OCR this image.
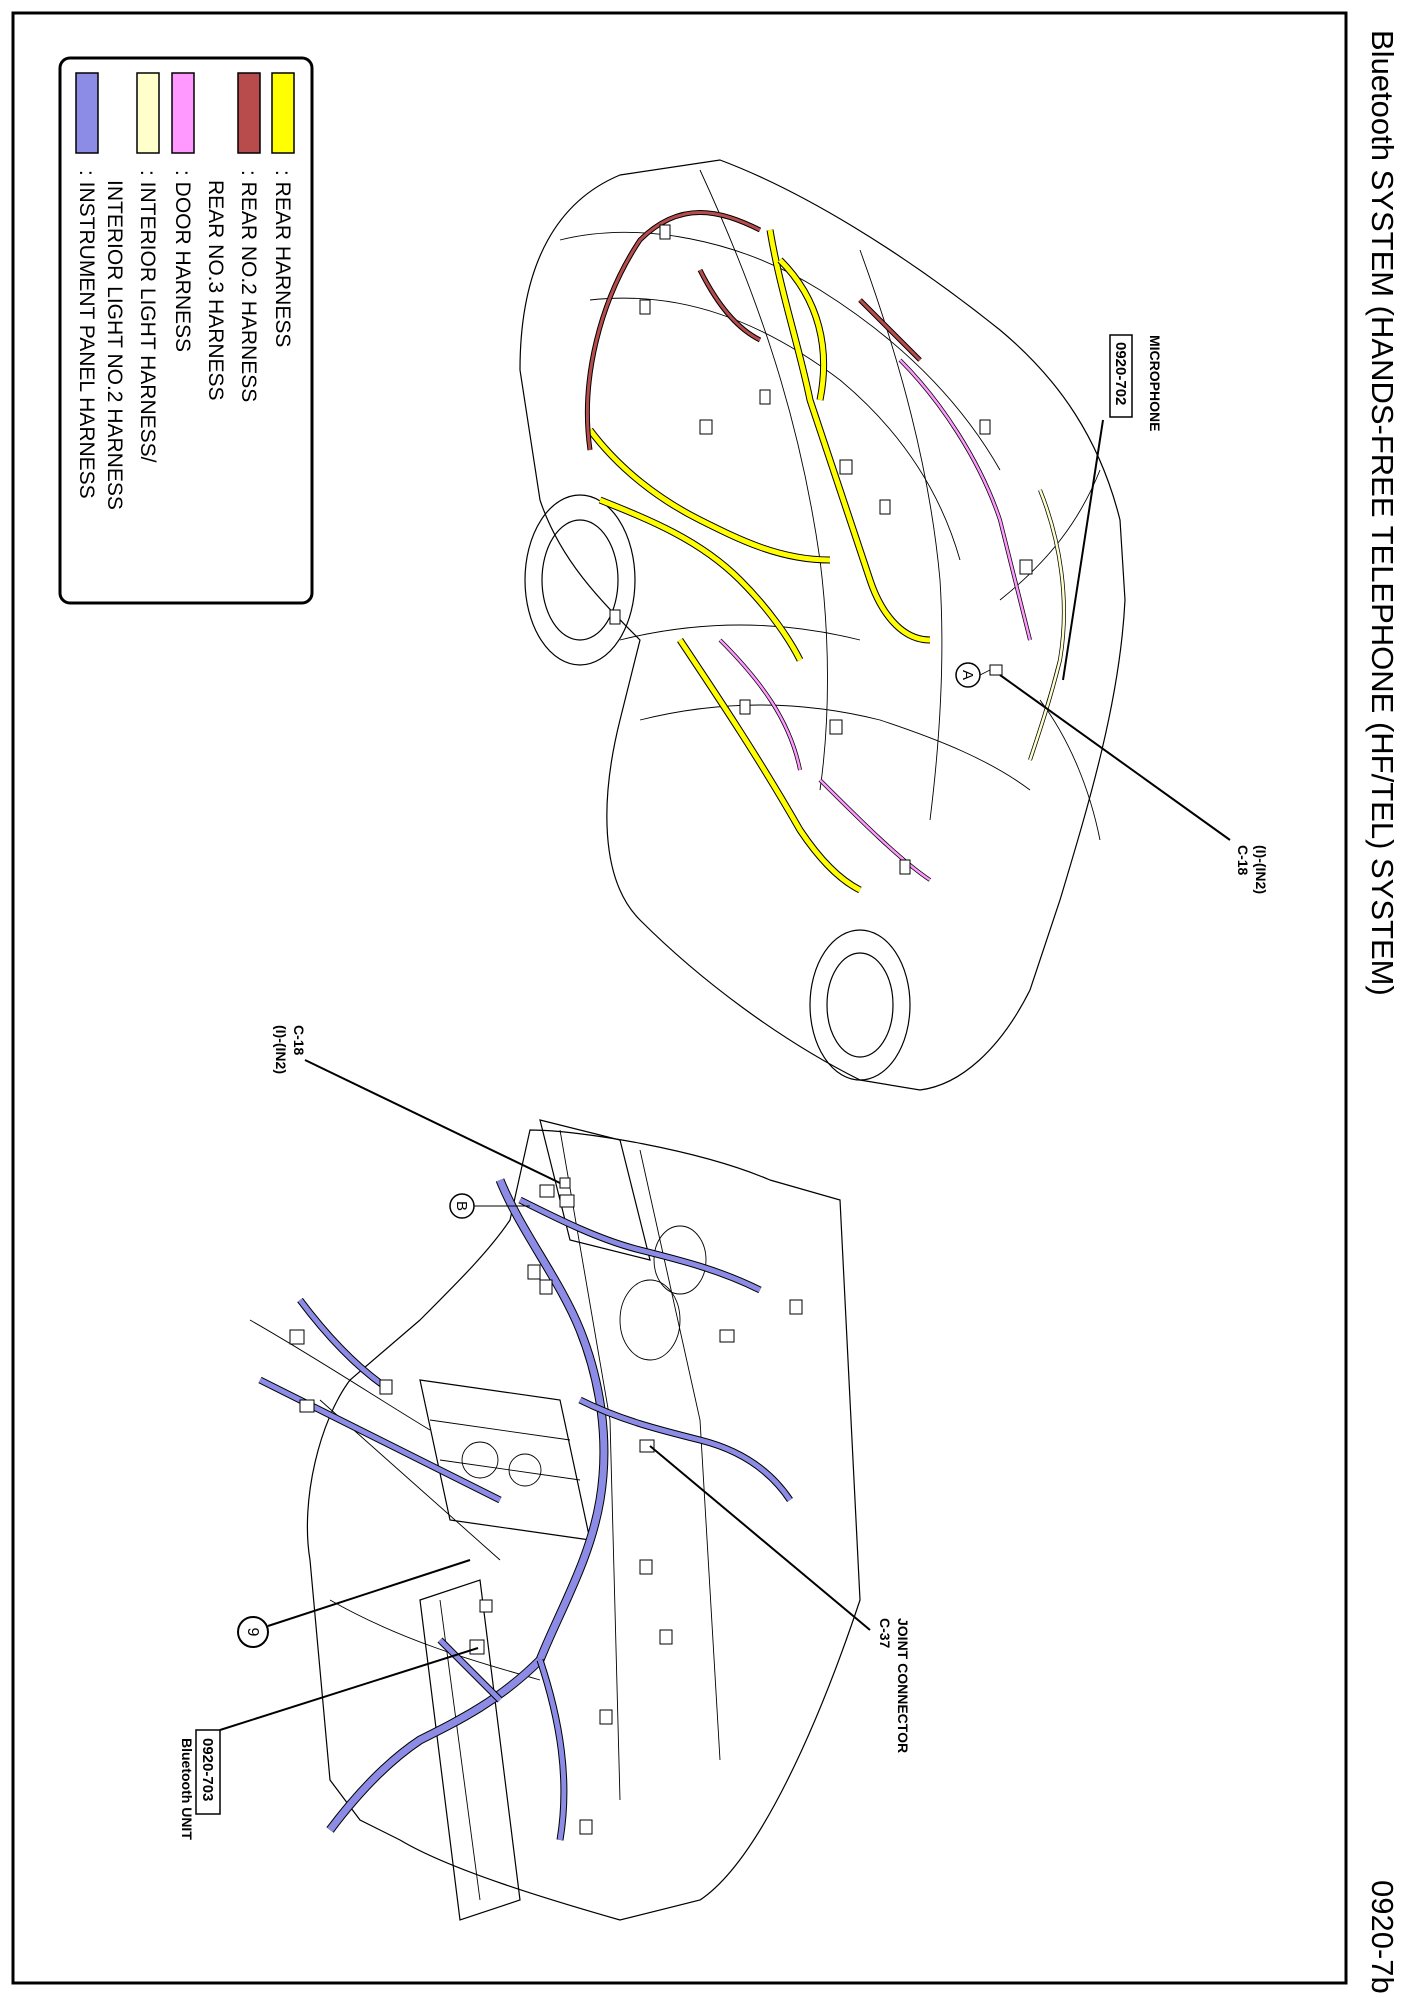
Bluetooth SYSTEM (HANDS-FREE TELEPHONE (HF/TEL) SYSTEM)
0920-7b
: REAR HARNESS
: REAR NO.2 HARNESS
REAR NO.3 HARNESS
: DOOR HARNESS
: INTERIOR LIGHT HARNESS/
INTERIOR LIGHT NO.2 HARNESS
: INSTRUMENT PANEL HARNESS	MICROPHONE
0920-702
A
(I)-(IN2)
C-18
C-18
(I)-(IN2)
B
JOINT CONNECTOR
C-37
9
0920-703
Bluetooth UNIT
